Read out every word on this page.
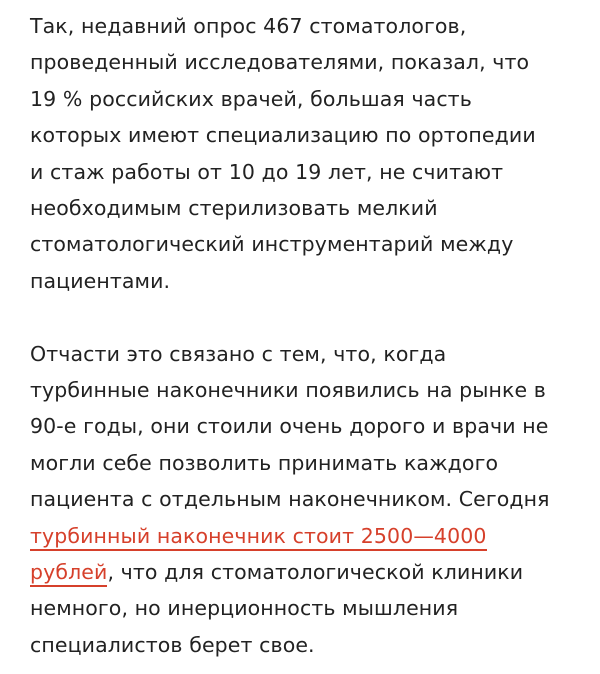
Так, недавний опрос 467 стоматологов,
проведенный исследователями, показал, что
19 % российских врачей, большая часть
которых имеют специализацию по ортопедии
и стаж работы от 10 до 19 лет, не считают
необходимым стерилизовать мелкий
стоматологический инструментарий между
пациентами.
Отчасти это связано с тем, что, когда
турбинные наконечники появились на рынке в
90-е годы, они стоили очень дорого и врачи не
могли себе позволить принимать каждого
пациента с отдельным наконечником. Сегодня
турбинный наконечник стоит 2500—4000
рублей, что для стоматологической клиники
немного, но инерционность мышления
специалистов берет свое.
